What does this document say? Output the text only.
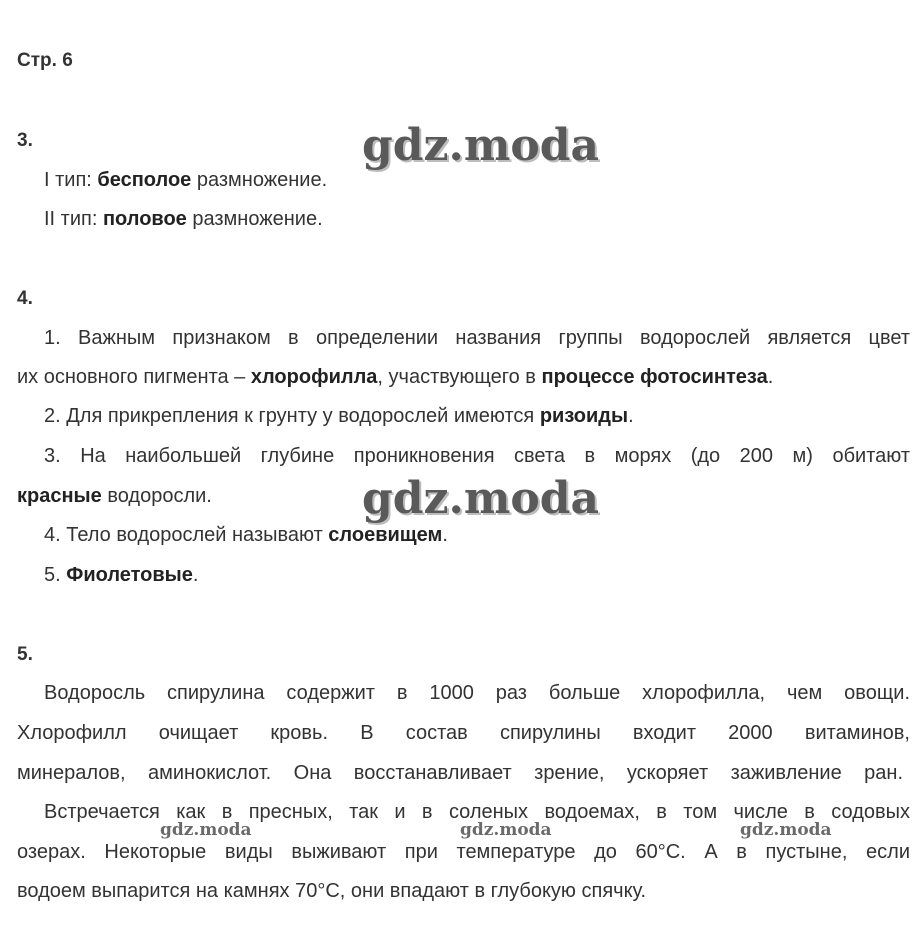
Стр. 6
3.
I тип: бесполое размножение.
II тип: половое размножение.
4.
1. Важным признаком в определении названия группы водорослей является цвет
их основного пигмента – хлорофилла, участвующего в процессе фотосинтеза.
2. Для прикрепления к грунту у водорослей имеются ризоиды.
3. На наибольшей глубине проникновения света в морях (до 200 м) обитают
красные водоросли.
4. Тело водорослей называют слоевищем.
5. Фиолетовые.
5.
Водоросль спирулина содержит в 1000 раз больше хлорофилла, чем овощи.
Хлорофилл очищает кровь. В состав спирулины входит 2000 витаминов,
минералов, аминокислот. Она восстанавливает зрение, ускоряет заживление ран.
Встречается как в пресных, так и в соленых водоемах, в том числе в содовых
озерах. Некоторые виды выживают при температуре до 60°C. А в пустыне, если
водоем выпарится на камнях 70°C, они впадают в глубокую спячку.
gdz.moda
gdz.moda
gdz.moda	gdz.moda	gdz.moda
